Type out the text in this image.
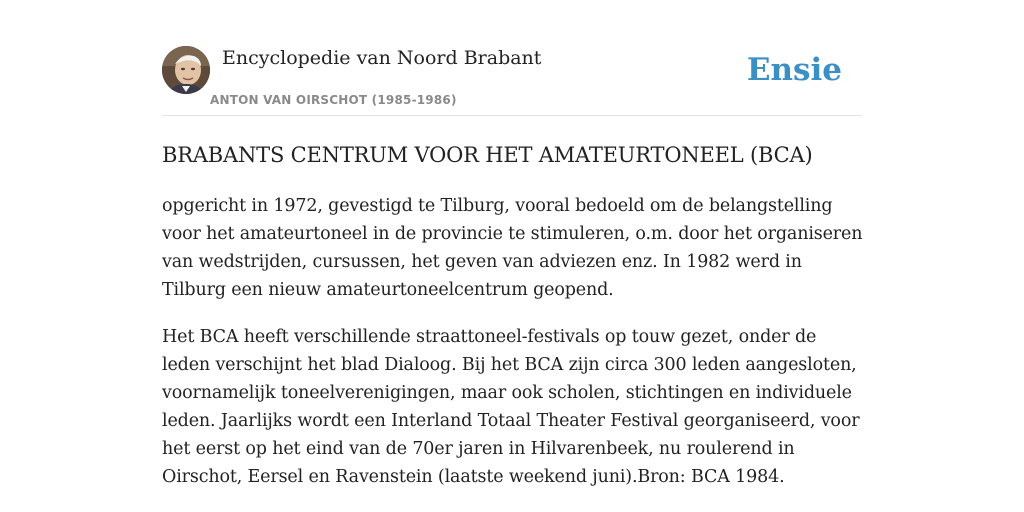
Encyclopedie van Noord Brabant
ANTON VAN OIRSCHOT (1985-1986)
Ensie
BRABANTS CENTRUM VOOR HET AMATEURTONEEL (BCA)

opgericht in 1972, gevestigd te Tilburg, vooral bedoeld om de belangstelling voor het amateurtoneel in de provincie te stimuleren, o.m. door het organiseren van wedstrijden, cursussen, het geven van adviezen enz. In 1982 werd in Tilburg een nieuw amateurtoneelcentrum geopend.

Het BCA heeft verschillende straattoneel-festivals op touw gezet, onder de leden verschijnt het blad Dialoog. Bij het BCA zijn circa 300 leden aangesloten, voornamelijk toneelverenigingen, maar ook scholen, stichtingen en individuele leden. Jaarlijks wordt een Interland Totaal Theater Festival georganiseerd, voor het eerst op het eind van de 70er jaren in Hilvarenbeek, nu roulerend in Oirschot, Eersel en Ravenstein (laatste weekend juni).Bron: BCA 1984.
